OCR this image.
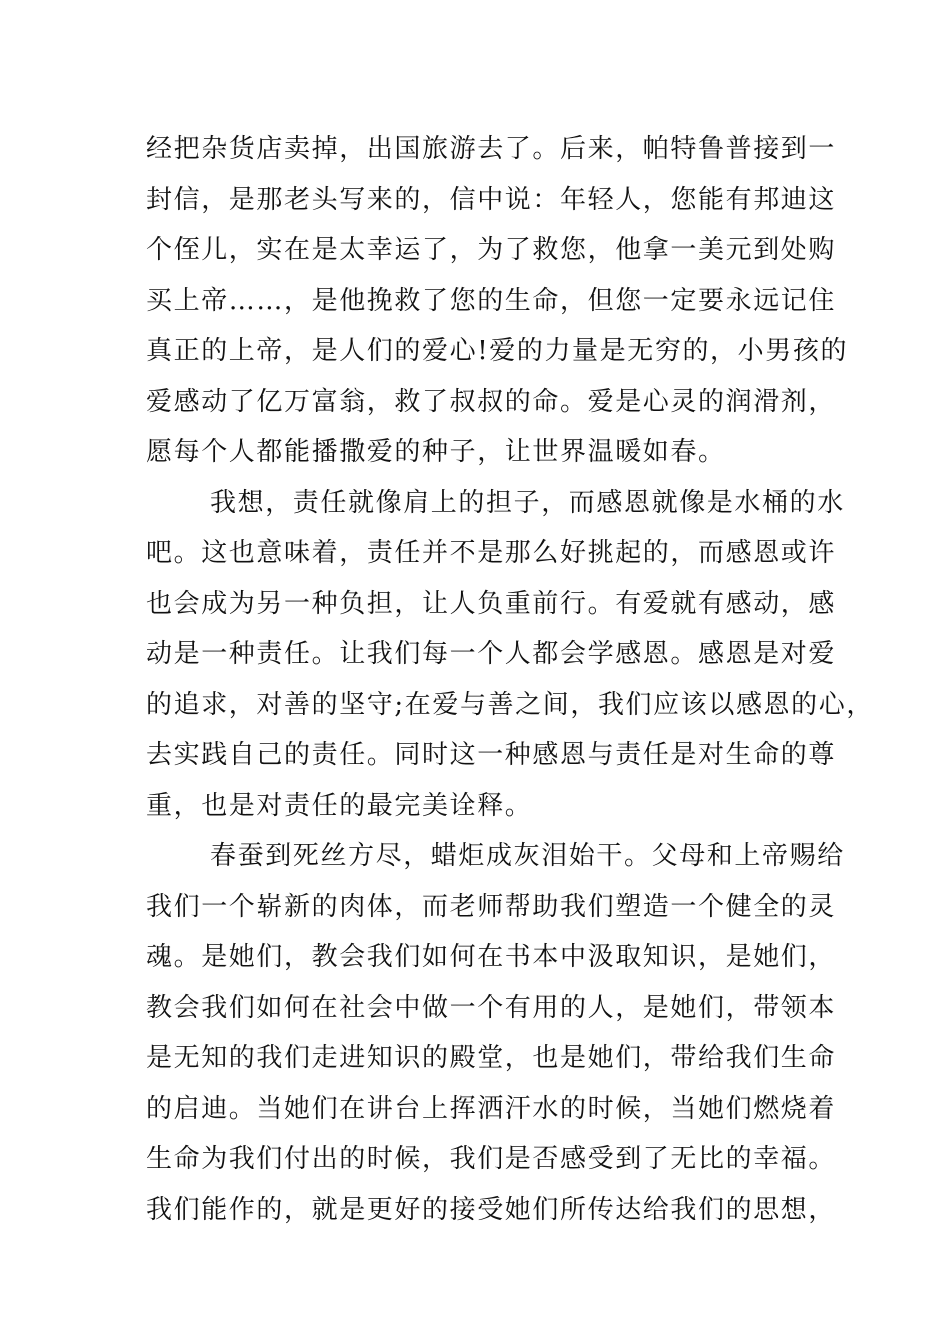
经把杂货店卖掉，出国旅游去了。后来，帕特鲁普接到一
封信，是那老头写来的，信中说：年轻人，您能有邦迪这
个侄儿，实在是太幸运了，为了救您，他拿一美元到处购
买上帝……，是他挽救了您的生命，但您一定要永远记住
真正的上帝，是人们的爱心!爱的力量是无穷的，小男孩的
爱感动了亿万富翁，救了叔叔的命。爱是心灵的润滑剂，
愿每个人都能播撒爱的种子，让世界温暖如春。
我想，责任就像肩上的担子，而感恩就像是水桶的水
吧。这也意味着，责任并不是那么好挑起的，而感恩或许
也会成为另一种负担，让人负重前行。有爱就有感动，感
动是一种责任。让我们每一个人都会学感恩。感恩是对爱
的追求，对善的坚守;在爱与善之间，我们应该以感恩的心，
去实践自己的责任。同时这一种感恩与责任是对生命的尊
重，也是对责任的最完美诠释。
春蚕到死丝方尽，蜡炬成灰泪始干。父母和上帝赐给
我们一个崭新的肉体，而老师帮助我们塑造一个健全的灵
魂。是她们，教会我们如何在书本中汲取知识，是她们，
教会我们如何在社会中做一个有用的人，是她们，带领本
是无知的我们走进知识的殿堂，也是她们，带给我们生命
的启迪。当她们在讲台上挥洒汗水的时候，当她们燃烧着
生命为我们付出的时候，我们是否感受到了无比的幸福。
我们能作的，就是更好的接受她们所传达给我们的思想，
